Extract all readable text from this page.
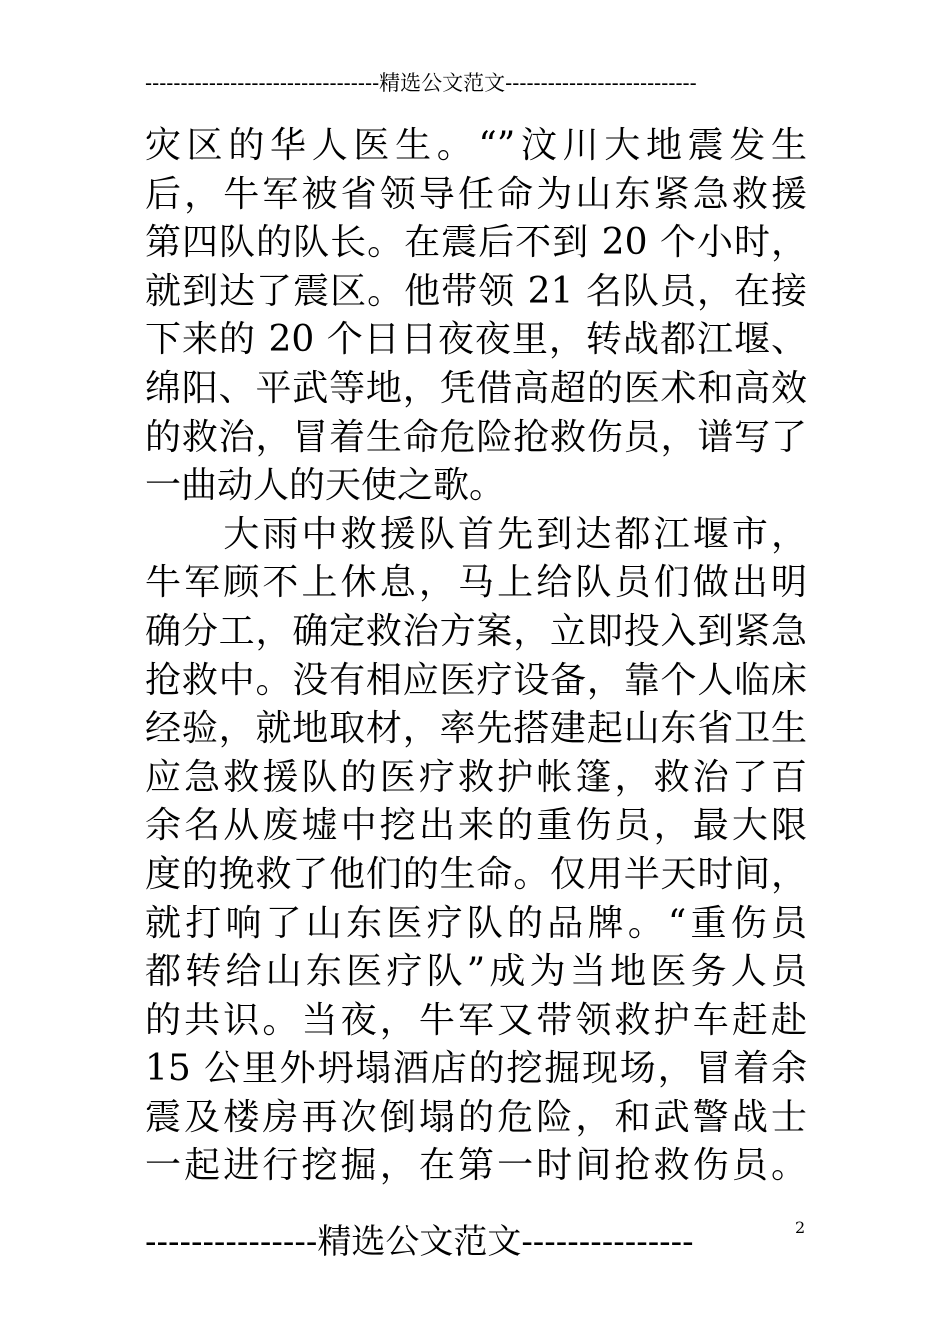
---------------------------------精选公文范文---------------------------
灾区的华人医生。“”汶川大地震发生
后，牛军被省领导任命为山东紧急救援
第四队的队长。在震后不到 20 个小时，
就到达了震区。他带领 21 名队员，在接
下来的 20 个日日夜夜里，转战都江堰、
绵阳、平武等地，凭借高超的医术和高效
的救治，冒着生命危险抢救伤员，谱写了
一曲动人的天使之歌。
　　大雨中救援队首先到达都江堰市，
牛军顾不上休息，马上给队员们做出明
确分工，确定救治方案，立即投入到紧急
抢救中。没有相应医疗设备，靠个人临床
经验，就地取材，率先搭建起山东省卫生
应急救援队的医疗救护帐篷，救治了百
余名从废墟中挖出来的重伤员，最大限
度的挽救了他们的生命。仅用半天时间，
就打响了山东医疗队的品牌。“重伤员
都转给山东医疗队”成为当地医务人员
的共识。当夜，牛军又带领救护车赶赴
15 公里外坍塌酒店的挖掘现场，冒着余
震及楼房再次倒塌的危险，和武警战士
一起进行挖掘，在第一时间抢救伤员。
---------------精选公文范文---------------	2
